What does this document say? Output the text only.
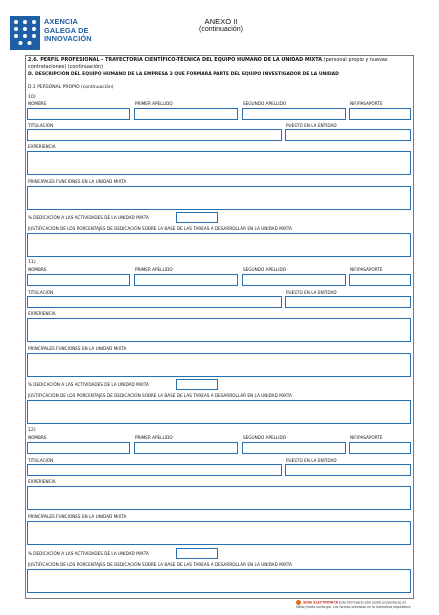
AXENCIA
GALEGA DE
INNOVACIÓN
ANEXO II
(continuación)
2.6. PERFIL PROFESIONAL - TRAYECTORIA CIENTÍFICO-TÉCNICA DEL EQUIPO HUMANO DE LA UNIDAD MIXTA (personal propio y nuevas contrataciones) (continuación)
D. DESCRIPCIÓN DEL EQUIPO HUMANO DE LA EMPRESA 3 QUE FORMARÁ PARTE DEL EQUIPO INVESTIGADOR DE LA UNIDAD
D.1 PERSONAL PROPIO (continuación)
10)
NOMBRE	PRIMER APELLIDO	SEGUNDO APELLIDO	NIF/PASAPORTE
TITULACIÓN	PUESTO EN LA ENTIDAD
EXPERIENCIA
PRINCIPALES FUNCIONES EN LA UNIDAD MIXTA
% DEDICACIÓN A LAS ACTIVIDADES DE LA UNIDAD MIXTA
JUSTIFICACIÓN DE LOS PORCENTAJES DE DEDICACIÓN SOBRE LA BASE DE LAS TAREAS A DESARROLLAR EN LA UNIDAD MIXTA
11)
NOMBRE	PRIMER APELLIDO	SEGUNDO APELLIDO	NIF/PASAPORTE
TITULACIÓN	PUESTO EN LA ENTIDAD
EXPERIENCIA
PRINCIPALES FUNCIONES EN LA UNIDAD MIXTA
% DEDICACIÓN A LAS ACTIVIDADES DE LA UNIDAD MIXTA
JUSTIFICACIÓN DE LOS PORCENTAJES DE DEDICACIÓN SOBRE LA BASE DE LAS TAREAS A DESARROLLAR EN LA UNIDAD MIXTA
12)
NOMBRE	PRIMER APELLIDO	SEGUNDO APELLIDO	NIF/PASAPORTE
TITULACIÓN	PUESTO EN LA ENTIDAD
EXPERIENCIA
PRINCIPALES FUNCIONES EN LA UNIDAD MIXTA
% DEDICACIÓN A LAS ACTIVIDADES DE LA UNIDAD MIXTA
JUSTIFICACIÓN DE LOS PORCENTAJES DE DEDICACIÓN SOBRE LA BASE DE LAS TAREAS A DESARROLLAR EN LA UNIDAD MIXTA
SEDE ELECTRÓNICA Este formulario sólo podrá presentarse en https://sede.xunta.gal. Las formas previstas en la normativa reguladora
